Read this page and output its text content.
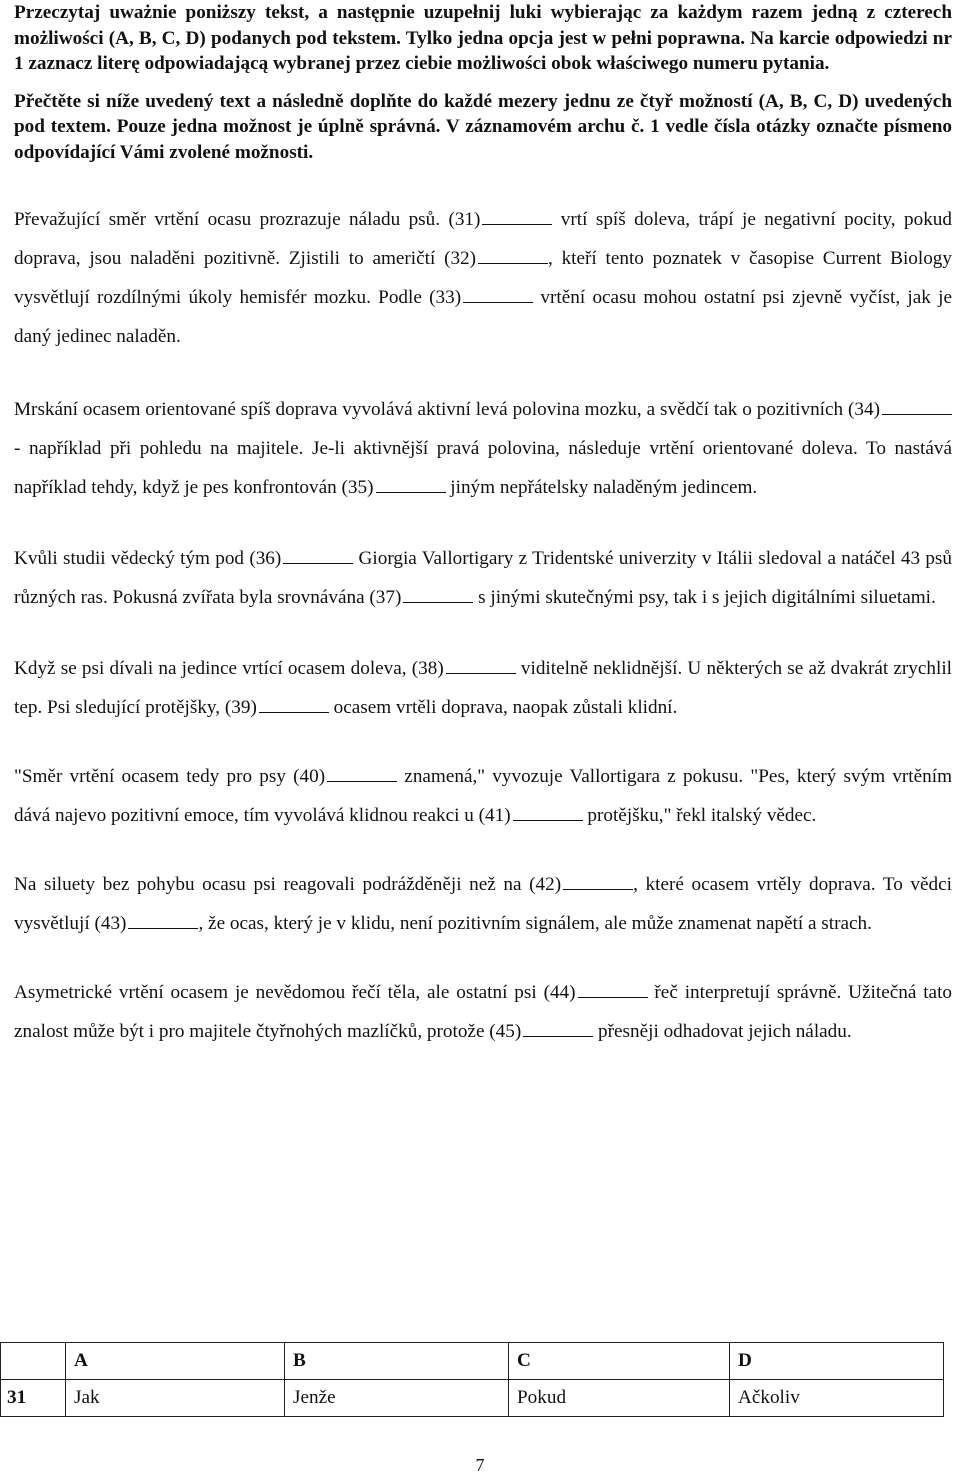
Przeczytaj uważnie poniższy tekst, a następnie uzupełnij luki wybierając za każdym razem jedną z czterech możliwości (A, B, C, D) podanych pod tekstem. Tylko jedna opcja jest w pełni poprawna. Na karcie odpowiedzi nr 1 zaznacz literę odpowiadającą wybranej przez ciebie możliwości obok właściwego numeru pytania.

Přečtěte si níže uvedený text a následně doplňte do každé mezery jednu ze čtyř možností (A, B, C, D) uvedených pod textem. Pouze jedna možnost je úplně správná. V záznamovém archu č. 1 vedle čísla otázky označte písmeno odpovídající Vámi zvolené možnosti.

Převažující směr vrtění ocasu prozrazuje náladu psů. (31)	vrtí spíš doleva, trápí je negativní pocity, pokud doprava, jsou naladěni pozitivně. Zjistili to američtí (32)	, kteří tento poznatek v časopise Current Biology vysvětlují rozdílnými úkoly hemisfér mozku. Podle (33)	vrtění ocasu mohou ostatní psi zjevně vyčíst, jak je daný jedinec naladěn.

Mrskání ocasem orientované spíš doprava vyvolává aktivní levá polovina mozku, a svědčí tak o pozitivních (34) - například při pohledu na majitele. Je-li aktivnější pravá polovina, následuje vrtění orientované doleva. To nastává například tehdy, když je pes konfrontován (35)	jiným nepřátelsky naladěným jedincem.

Kvůli studii vědecký tým pod (36)	Giorgia Vallortigary z Tridentské univerzity v Itálii sledoval a natáčel 43 psů různých ras. Pokusná zvířata byla srovnávána (37)	s jinými skutečnými psy, tak i s jejich digitálními siluetami.

Když se psi dívali na jedince vrtící ocasem doleva, (38)	viditelně neklidnější. U některých se až dvakrát zrychlil tep. Psi sledující protějšky, (39)	ocasem vrtěli doprava, naopak zůstali klidní.

"Směr vrtění ocasem tedy pro psy (40)	znamená," vyvozuje Vallortigara z pokusu. "Pes, který svým vrtěním dává najevo pozitivní emoce, tím vyvolává klidnou reakci u (41)	protějšku," řekl italský vědec.

Na siluety bez pohybu ocasu psi reagovali podrážděněji než na (42)	, které ocasem vrtěly doprava. To vědci vysvětlují (43)	, že ocas, který je v klidu, není pozitivním signálem, ale může znamenat napětí a strach.

Asymetrické vrtění ocasem je nevědomou řečí těla, ale ostatní psi (44)	řeč interpretují správně. Užitečná tato znalost může být i pro majitele čtyřnohých mazlíčků, protože (45)	přesněji odhadovat jejich náladu.

	A	B	C	D
31	Jak	Jenže	Pokud	Ačkoliv
7
